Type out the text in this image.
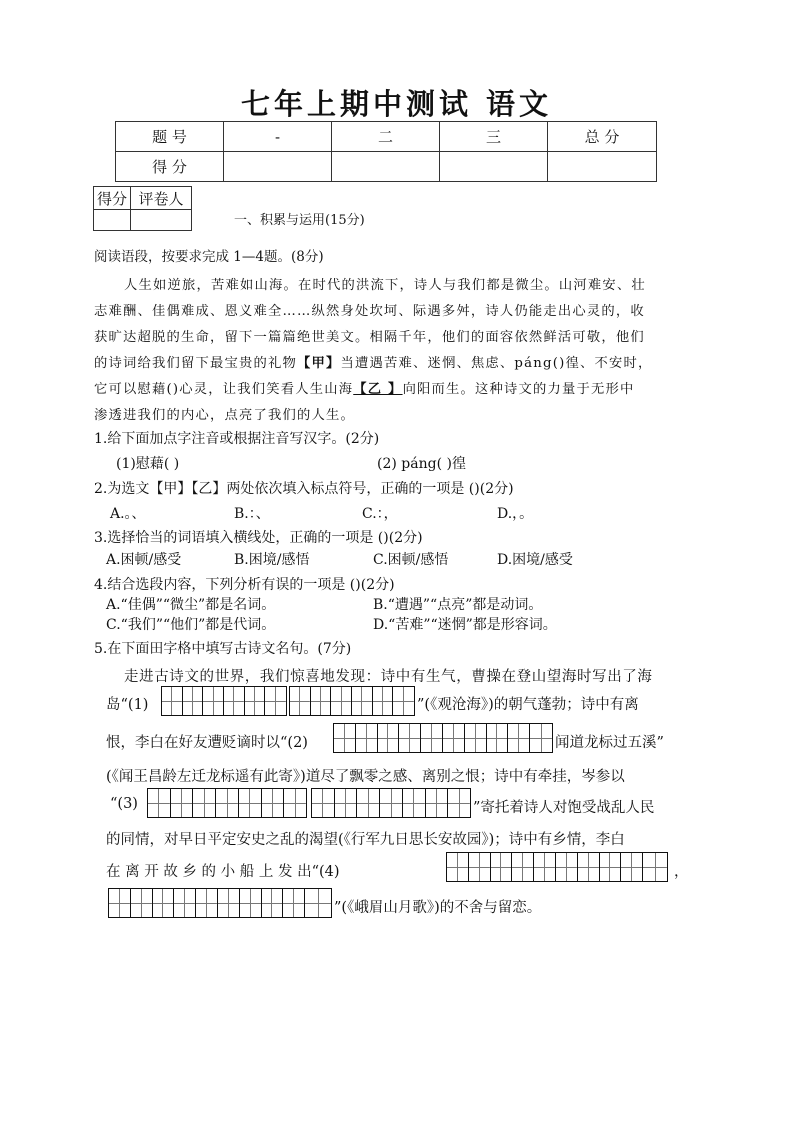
七年上期中测试 语文
题 号	-	二	三	总 分
得 分				
得分	评卷人

一、积累与运用(15分)
阅读语段，按要求完成 1—4题。(8分)
人生如逆旅，苦难如山海。在时代的洪流下，诗人与我们都是微尘。山河难安、壮
志难酬、佳偶难成、恩义难全……纵然身处坎坷、际遇多舛，诗人仍能走出心灵的，收
获旷达超脱的生命，留下一篇篇绝世美文。相隔千年，他们的面容依然鲜活可敬，他们
的诗词给我们留下最宝贵的礼物【甲】当遭遇苦难、迷惘、焦虑、páng()徨、不安时，
它可以慰藉()心灵，让我们笑看人生山海【乙 】向阳而生。这种诗文的力量于无形中
渗透进我们的内心，点亮了我们的人生。
1.给下面加点字注音或根据注音写汉字。(2分)
(1)慰藉( )	(2) páng( )徨
2.为选文【甲】【乙】两处依次填入标点符号，正确的一项是 ()(2分)
A.。、	B.：、	C.：，	D.，。
3.选择恰当的词语填入横线处，正确的一项是 ()(2分)
A.困顿/感受	B.困境/感悟	C.困顿/感悟	D.困境/感受
4.结合选段内容，下列分析有误的一项是 ()(2分)
A.“佳偶”“微尘”都是名词。	B.“遭遇”“点亮”都是动词。
C.“我们”“他们”都是代词。	D.“苦难”“迷惘”都是形容词。
5.在下面田字格中填写古诗文名句。(7分)
走进古诗文的世界，我们惊喜地发现：诗中有生气，曹操在登山望海时写出了海
岛“(1)	”(《观沧海》)的朝气蓬勃；诗中有离
恨，李白在好友遭贬谪时以“(2)	闻道龙标过五溪”
(《闻王昌龄左迁龙标遥有此寄》)道尽了飘零之感、离别之恨；诗中有牵挂，岑参以
“(3)	”寄托着诗人对饱受战乱人民
的同情，对早日平定安史之乱的渴望(《行军九日思长安故园》)；诗中有乡情，李白
在 离 开 故 乡 的 小 船 上 发 出“(4)	，
”(《峨眉山月歌》)的不舍与留恋。
